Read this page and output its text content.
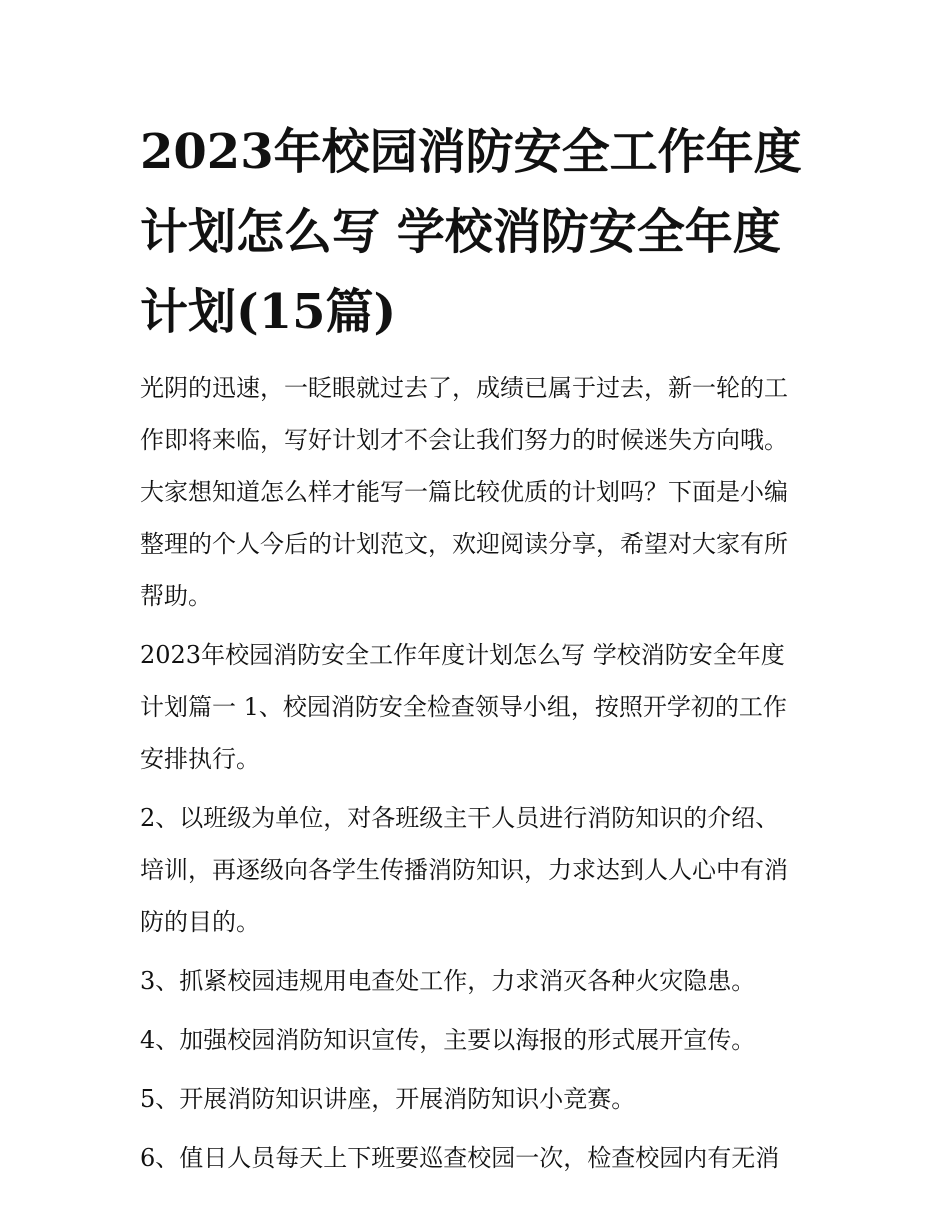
2023年校园消防安全工作年度
计划怎么写 学校消防安全年度
计划(15篇)

光阴的迅速，一眨眼就过去了，成绩已属于过去，新一轮的工
作即将来临，写好计划才不会让我们努力的时候迷失方向哦。
大家想知道怎么样才能写一篇比较优质的计划吗？下面是小编
整理的个人今后的计划范文，欢迎阅读分享，希望对大家有所
帮助。

2023年校园消防安全工作年度计划怎么写 学校消防安全年度
计划篇一 1、校园消防安全检查领导小组，按照开学初的工作
安排执行。

2、以班级为单位，对各班级主干人员进行消防知识的介绍、
培训，再逐级向各学生传播消防知识，力求达到人人心中有消
防的目的。

3、抓紧校园违规用电查处工作，力求消灭各种火灾隐患。

4、加强校园消防知识宣传，主要以海报的形式展开宣传。

5、开展消防知识讲座，开展消防知识小竞赛。

6、值日人员每天上下班要巡查校园一次，检查校园内有无消
